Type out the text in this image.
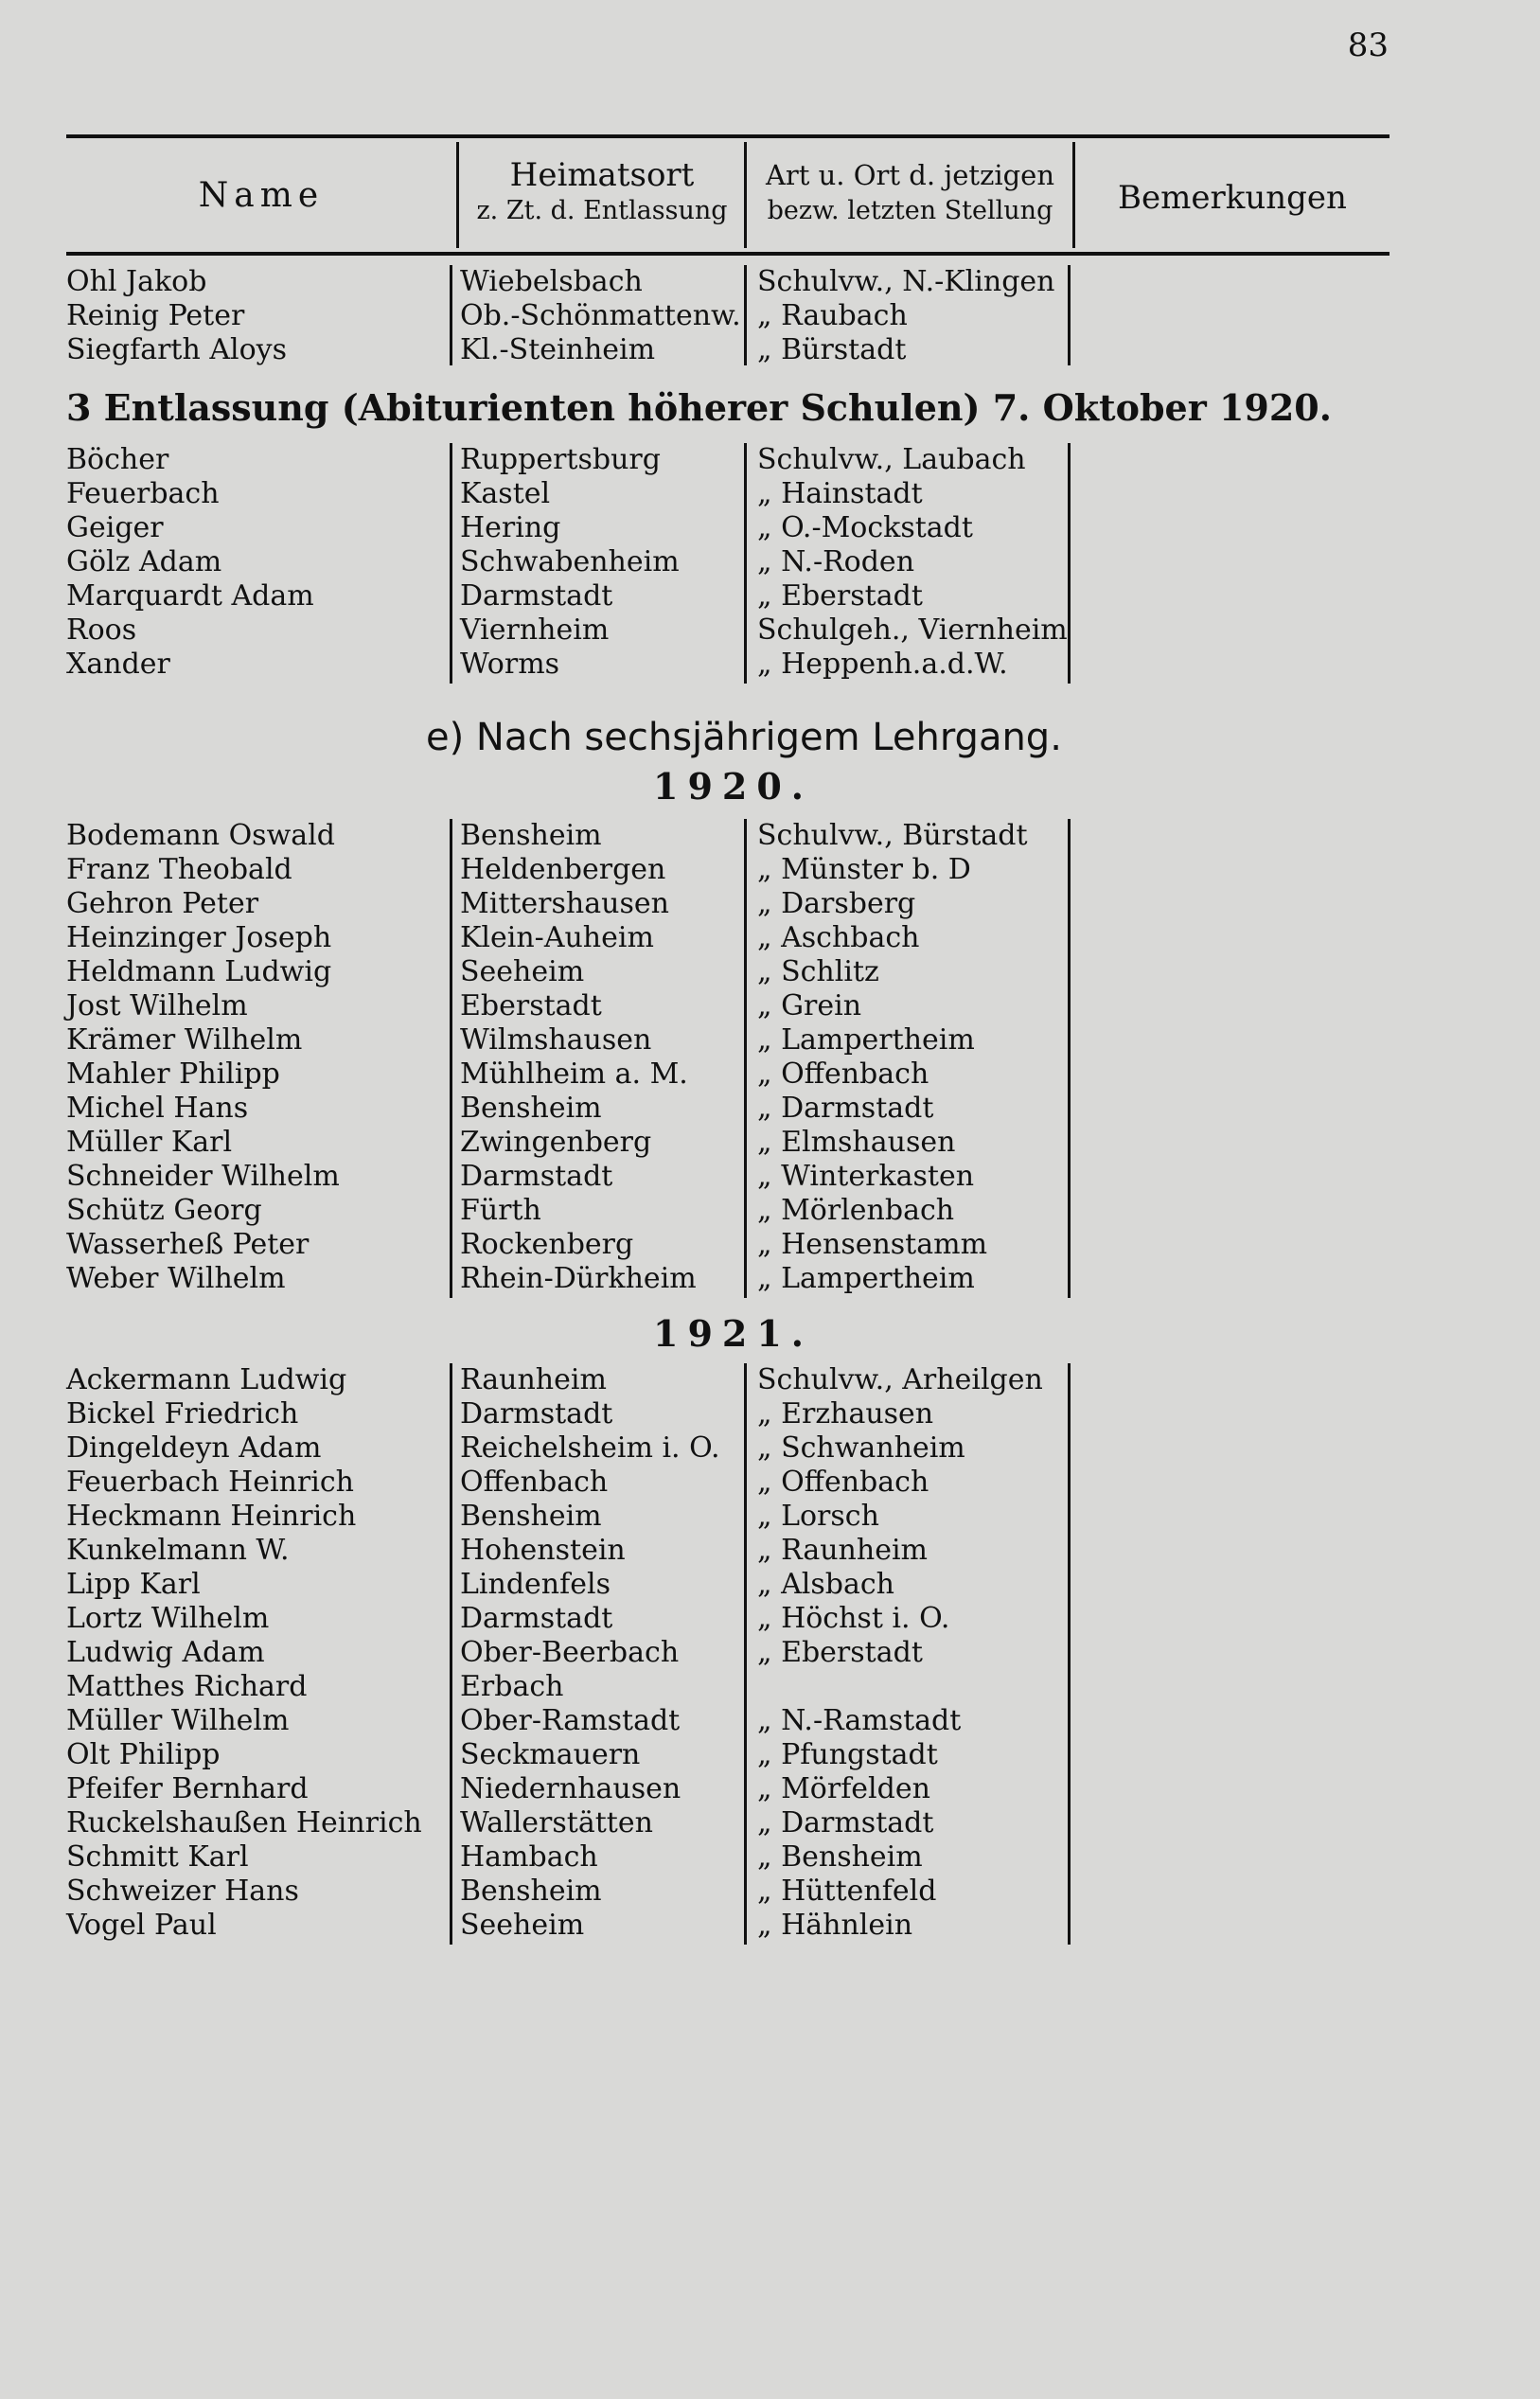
83
Name
Heimatsort
z. Zt. d. Entlassung
Art u. Ort d. jetzigen
bezw. letzten Stellung	Bemerkungen
Ohl Jakob
Reinig Peter
Siegfarth Aloys
Wiebelsbach
Ob.-Schönmattenw.
Kl.-Steinheim
Schulvw., N.-Klingen
„ Raubach
„ Bürstadt
3 Entlassung (Abiturienten höherer Schulen) 7. Oktober 1920.
Böcher
Feuerbach
Geiger
Gölz Adam
Marquardt Adam
Roos
Xander
Ruppertsburg
Kastel
Hering
Schwabenheim
Darmstadt
Viernheim
Worms
Schulvw., Laubach
„ Hainstadt
„ O.-Mockstadt
„ N.-Roden
„ Eberstadt
Schulgeh., Viernheim
„ Heppenh.a.d.W.
e) Nach sechsjährigem Lehrgang.
1920.
Bodemann Oswald
Franz Theobald
Gehron Peter
Heinzinger Joseph
Heldmann Ludwig
Jost Wilhelm
Krämer Wilhelm
Mahler Philipp
Michel Hans
Müller Karl
Schneider Wilhelm
Schütz Georg
Wasserheß Peter
Weber Wilhelm
Bensheim
Heldenbergen
Mittershausen
Klein-Auheim
Seeheim
Eberstadt
Wilmshausen
Mühlheim a. M.
Bensheim
Zwingenberg
Darmstadt
Fürth
Rockenberg
Rhein-Dürkheim
Schulvw., Bürstadt
„ Münster b. D
„ Darsberg
„ Aschbach
„ Schlitz
„ Grein
„ Lampertheim
„ Offenbach
„ Darmstadt
„ Elmshausen
„ Winterkasten
„ Mörlenbach
„ Hensenstamm
„ Lampertheim
1921.
Ackermann Ludwig
Bickel Friedrich
Dingeldeyn Adam
Feuerbach Heinrich
Heckmann Heinrich
Kunkelmann W.
Lipp Karl
Lortz Wilhelm
Ludwig Adam
Matthes Richard
Müller Wilhelm
Olt Philipp
Pfeifer Bernhard
Ruckelshaußen Heinrich
Schmitt Karl
Schweizer Hans
Vogel Paul
Raunheim
Darmstadt
Reichelsheim i. O.
Offenbach
Bensheim
Hohenstein
Lindenfels
Darmstadt
Ober-Beerbach
Erbach
Ober-Ramstadt
Seckmauern
Niedernhausen
Wallerstätten
Hambach
Bensheim
Seeheim
Schulvw., Arheilgen
„ Erzhausen
„ Schwanheim
„ Offenbach
„ Lorsch
„ Raunheim
„ Alsbach
„ Höchst i. O.
„ Eberstadt
„ N.-Ramstadt
„ Pfungstadt
„ Mörfelden
„ Darmstadt
„ Bensheim
„ Hüttenfeld
„ Hähnlein
